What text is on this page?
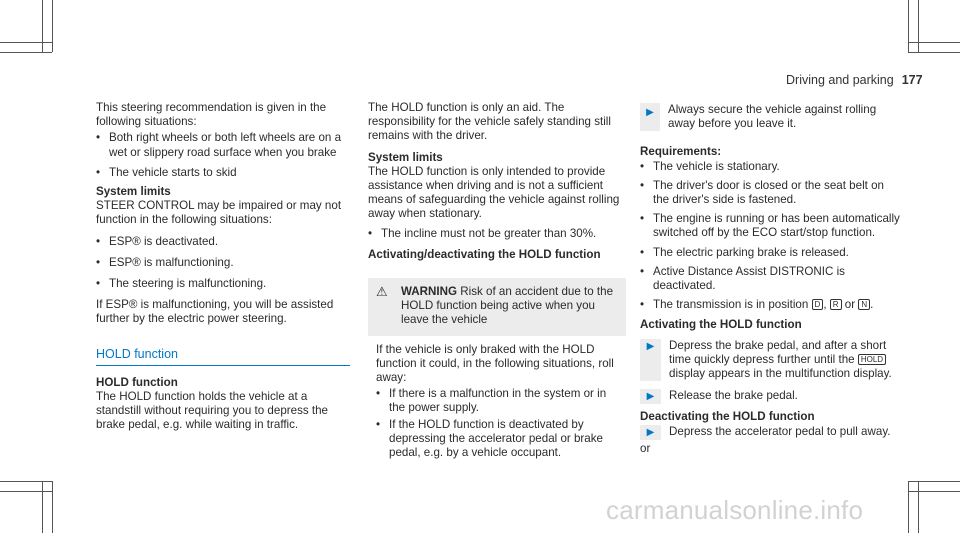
Driving and parking 177

This steering recommendation is given in the following situations:

• Both right wheels or both left wheels are on a wet or slippery road surface when you brake
• The vehicle starts to skid

System limits

STEER CONTROL may be impaired or may not function in the following situations:

• ESP® is deactivated.
• ESP® is malfunctioning.
• The steering is malfunctioning.

If ESP® is malfunctioning, you will be assisted further by the electric power steering.

HOLD function

HOLD function

The HOLD function holds the vehicle at a standstill without requiring you to depress the brake pedal, e.g. while waiting in traffic.

The HOLD function is only an aid. The responsibility for the vehicle safely standing still remains with the driver.

System limits

The HOLD function is only intended to provide assistance when driving and is not a sufficient means of safeguarding the vehicle against rolling away when stationary.

• The incline must not be greater than 30%.

Activating/deactivating the HOLD function

⚠	WARNING Risk of an accident due to the HOLD function being active when you leave the vehicle

If the vehicle is only braked with the HOLD function it could, in the following situations, roll away:

• If there is a malfunction in the system or in the power supply.
• If the HOLD function is deactivated by depressing the accelerator pedal or brake pedal, e.g. by a vehicle occupant.
▶	Always secure the vehicle against rolling away before you leave it.

Requirements:

• The vehicle is stationary.
• The driver's door is closed or the seat belt on the driver's side is fastened.
• The engine is running or has been automatically switched off by the ECO start/stop function.
• The electric parking brake is released.
• Active Distance Assist DISTRONIC is deactivated.
• The transmission is in position D , R or N .

Activating the HOLD function

▶	Depress the brake pedal, and after a short time quickly depress further until the HOLD display appears in the multifunction display.

▶	Release the brake pedal.

Deactivating the HOLD function

▶	Depress the accelerator pedal to pull away.

or

carmanualsonline.info
